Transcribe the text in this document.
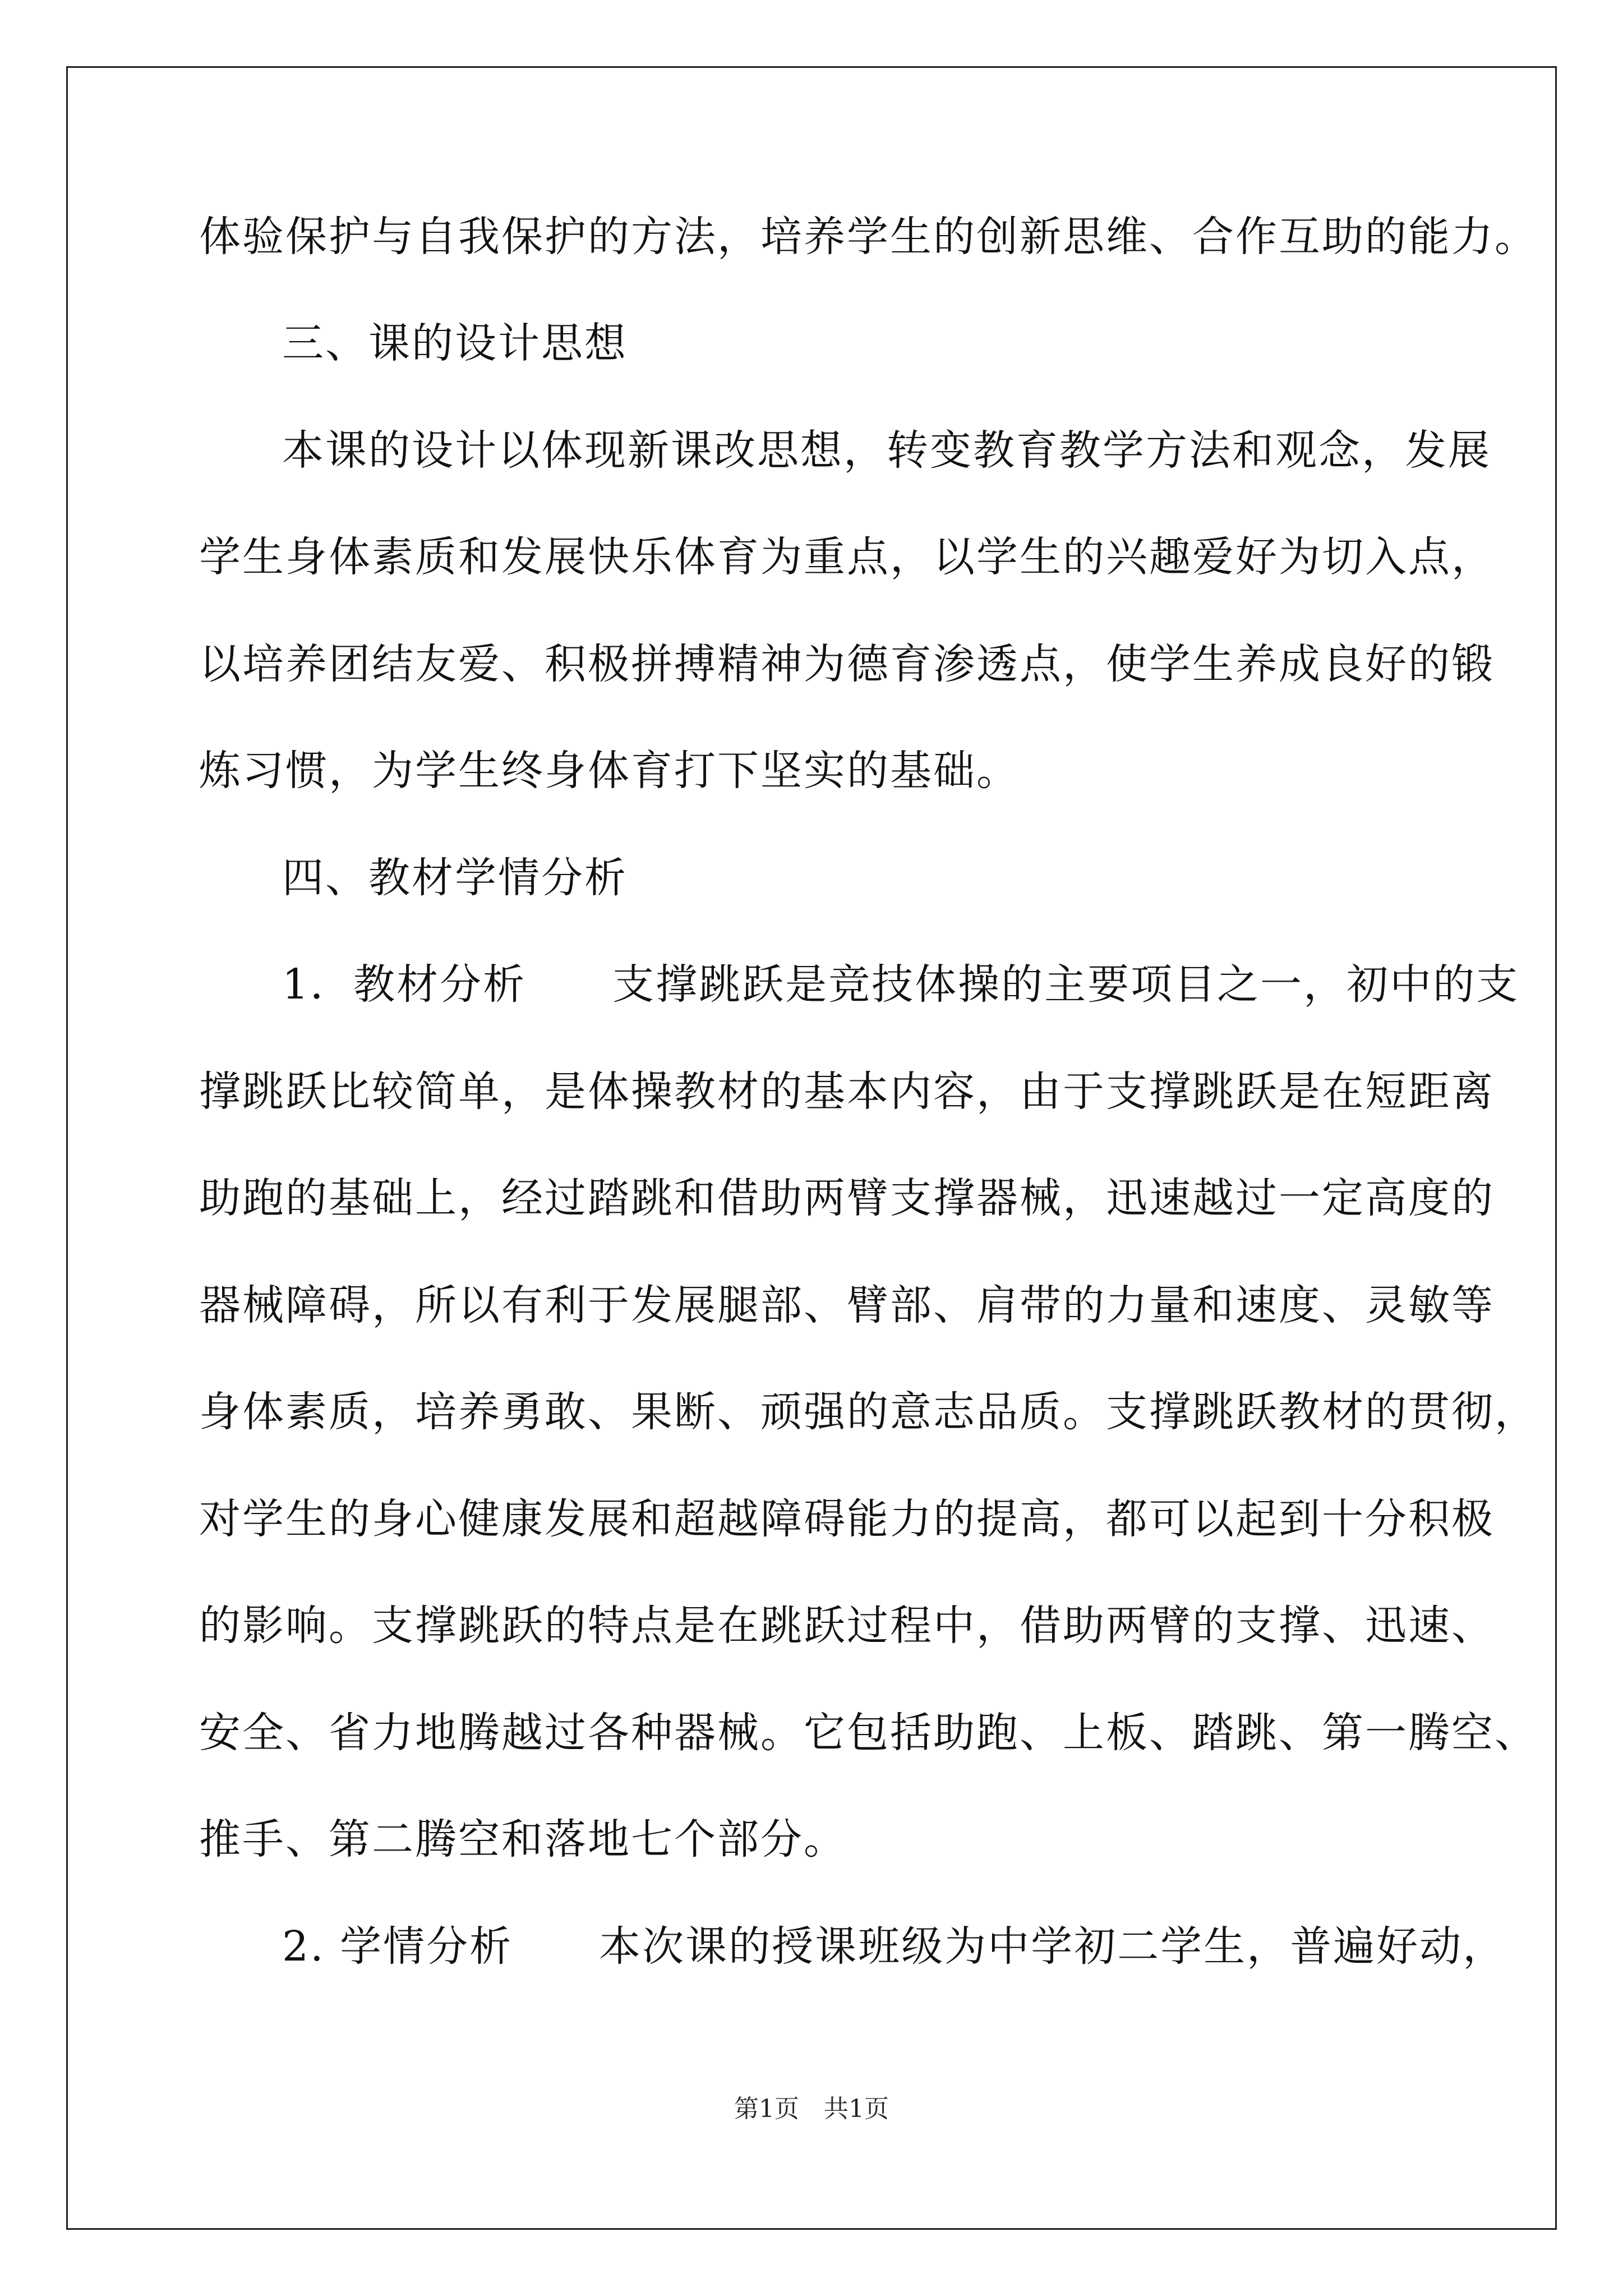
体验保护与自我保护的方法，培养学生的创新思维、合作互助的能力。
三、课的设计思想
本课的设计以体现新课改思想，转变教育教学方法和观念，发展
学生身体素质和发展快乐体育为重点，以学生的兴趣爱好为切入点，
以培养团结友爱、积极拼搏精神为德育渗透点，使学生养成良好的锻
炼习惯，为学生终身体育打下坚实的基础。
四、教材学情分析
1．教材分析　　支撑跳跃是竞技体操的主要项目之一，初中的支
撑跳跃比较简单，是体操教材的基本内容，由于支撑跳跃是在短距离
助跑的基础上，经过踏跳和借助两臂支撑器械，迅速越过一定高度的
器械障碍，所以有利于发展腿部、臂部、肩带的力量和速度、灵敏等
身体素质，培养勇敢、果断、顽强的意志品质。支撑跳跃教材的贯彻，
对学生的身心健康发展和超越障碍能力的提高，都可以起到十分积极
的影响。支撑跳跃的特点是在跳跃过程中，借助两臂的支撑、迅速、
安全、省力地腾越过各种器械。它包括助跑、上板、踏跳、第一腾空、
推手、第二腾空和落地七个部分。
2. 学情分析　　本次课的授课班级为中学初二学生，普遍好动，
第1页　共1页
